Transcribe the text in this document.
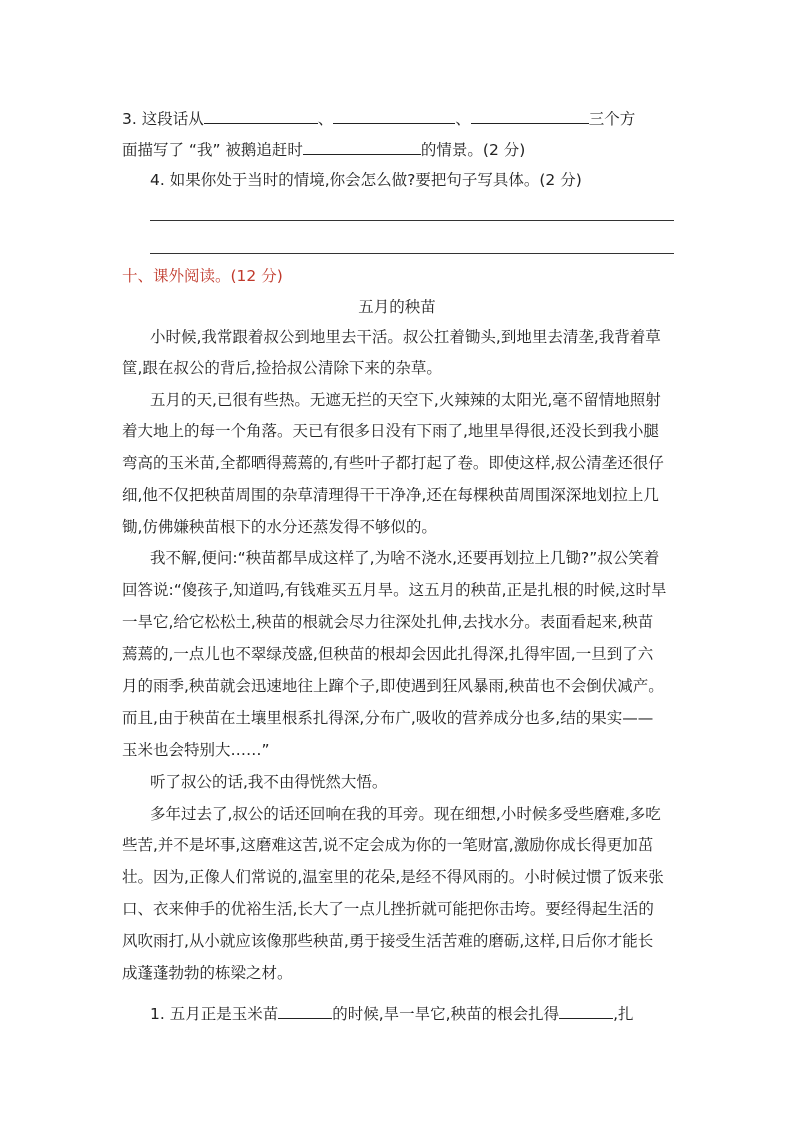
3. 这段话从	、	、	三个方
面描写了 “我” 被鹅追赶时	的情景。(2 分)
4. 如果你处于当时的情境,你会怎么做?要把句子写具体。(2 分)
十、课外阅读。(12 分)
五月的秧苗
小时候,我常跟着叔公到地里去干活。叔公扛着锄头,到地里去清垄,我背着草
筐,跟在叔公的背后,捡拾叔公清除下来的杂草。
五月的天,已很有些热。无遮无拦的天空下,火辣辣的太阳光,毫不留情地照射
着大地上的每一个角落。天已有很多日没有下雨了,地里旱得很,还没长到我小腿
弯高的玉米苗,全都晒得蔫蔫的,有些叶子都打起了卷。即使这样,叔公清垄还很仔
细,他不仅把秧苗周围的杂草清理得干干净净,还在每棵秧苗周围深深地划拉上几
锄,仿佛嫌秧苗根下的水分还蒸发得不够似的。
我不解,便问:“秧苗都旱成这样了,为啥不浇水,还要再划拉上几锄?”叔公笑着
回答说:“傻孩子,知道吗,有钱难买五月旱。这五月的秧苗,正是扎根的时候,这时旱
一旱它,给它松松土,秧苗的根就会尽力往深处扎伸,去找水分。表面看起来,秧苗
蔫蔫的,一点儿也不翠绿茂盛,但秧苗的根却会因此扎得深,扎得牢固,一旦到了六
月的雨季,秧苗就会迅速地往上蹿个子,即使遇到狂风暴雨,秧苗也不会倒伏减产。
而且,由于秧苗在土壤里根系扎得深,分布广,吸收的营养成分也多,结的果实——
玉米也会特别大……”
听了叔公的话,我不由得恍然大悟。
多年过去了,叔公的话还回响在我的耳旁。现在细想,小时候多受些磨难,多吃
些苦,并不是坏事,这磨难这苦,说不定会成为你的一笔财富,激励你成长得更加茁
壮。因为,正像人们常说的,温室里的花朵,是经不得风雨的。小时候过惯了饭来张
口、衣来伸手的优裕生活,长大了一点儿挫折就可能把你击垮。要经得起生活的
风吹雨打,从小就应该像那些秧苗,勇于接受生活苦难的磨砺,这样,日后你才能长
成蓬蓬勃勃的栋梁之材。
1. 五月正是玉米苗	的时候,旱一旱它,秧苗的根会扎得	,扎
